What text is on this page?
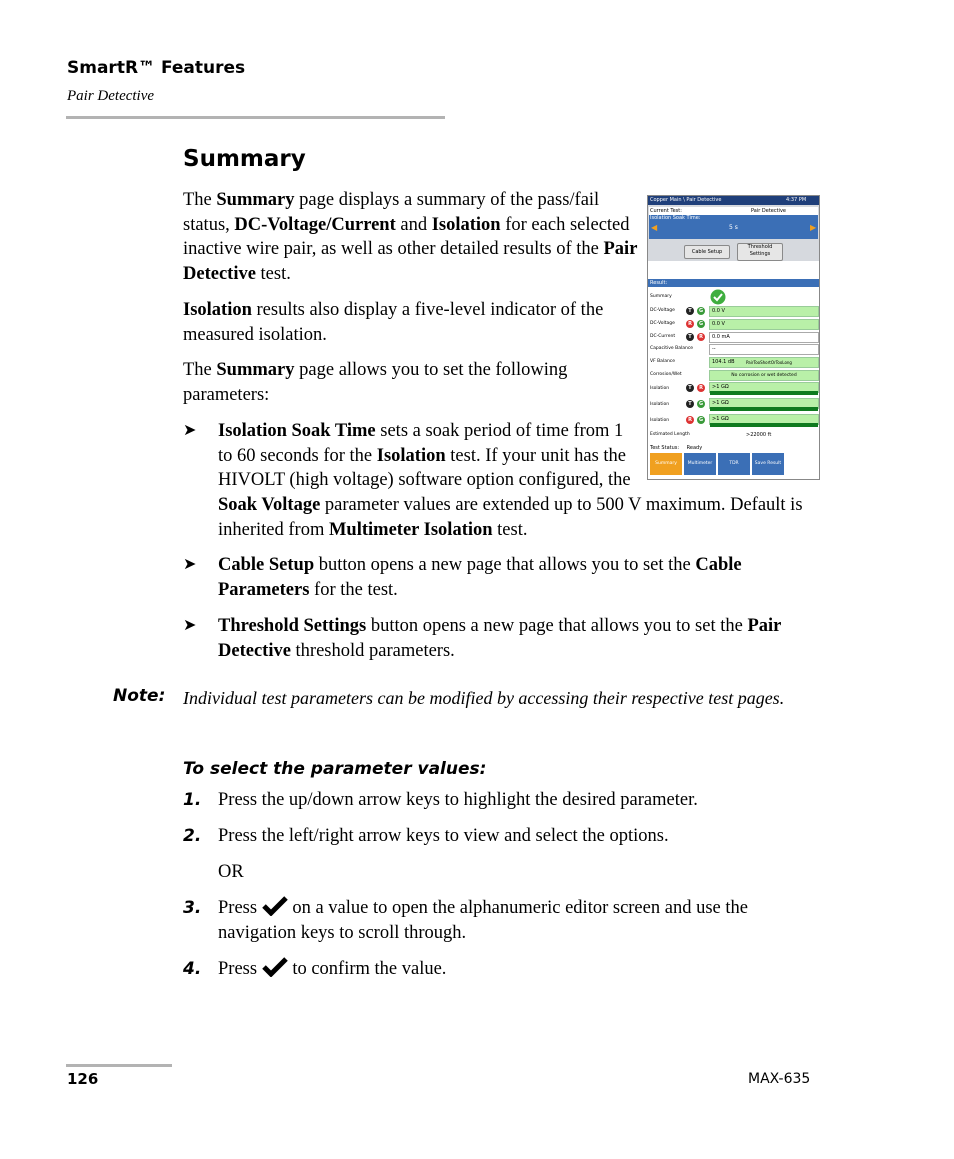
SmartR™ Features
Pair Detective
Summary
The Summary page displays a summary of the pass/fail status, DC-Voltage/Current and Isolation for each selected inactive wire pair, as well as other detailed results of the Pair Detective test.
Isolation results also display a five-level indicator of the measured isolation.
The Summary page allows you to set the following parameters:
➤ Isolation Soak Time sets a soak period of time from 1 to 60 seconds for the Isolation test. If your unit has the HIVOLT (high voltage) software option configured, the
Soak Voltage parameter values are extended up to 500 V maximum. Default is inherited from Multimeter Isolation test.
➤ Cable Setup button opens a new page that allows you to set the Cable Parameters for the test.
➤ Threshold Settings button opens a new page that allows you to set the Pair Detective threshold parameters.
Note: Individual test parameters can be modified by accessing their respective test pages.
To select the parameter values:
1. Press the up/down arrow keys to highlight the desired parameter.
2. Press the left/right arrow keys to view and select the options.
OR
3. Press  on a value to open the alphanumeric editor screen and use the navigation keys to scroll through.
4. Press  to confirm the value.
126	MAX-635
Copper Main \ Pair Detective	4:37 PM
Current Test:	Pair Detective
Isolation Soak Time:
◀	5 s	▶
Cable Setup
Threshold Settings
Result:
Summary
DC-Voltage	T	G	0.0 V
DC-Voltage	R	G	0.0 V
DC-Current	T	R	0.0 mA
Capacitive Balance	--
VF Balance	104.1 dB	PairTooShortOrTooLong
Corrosion/Wet	No corrosion or wet detected
Isolation	T	R	>1 GΩ
Isolation	T	G	>1 GΩ
Isolation	R	G	>1 GΩ
Estimated Length	>22000 ft
Test Status: Ready
Summary	Multimeter	TDR	Save Result
